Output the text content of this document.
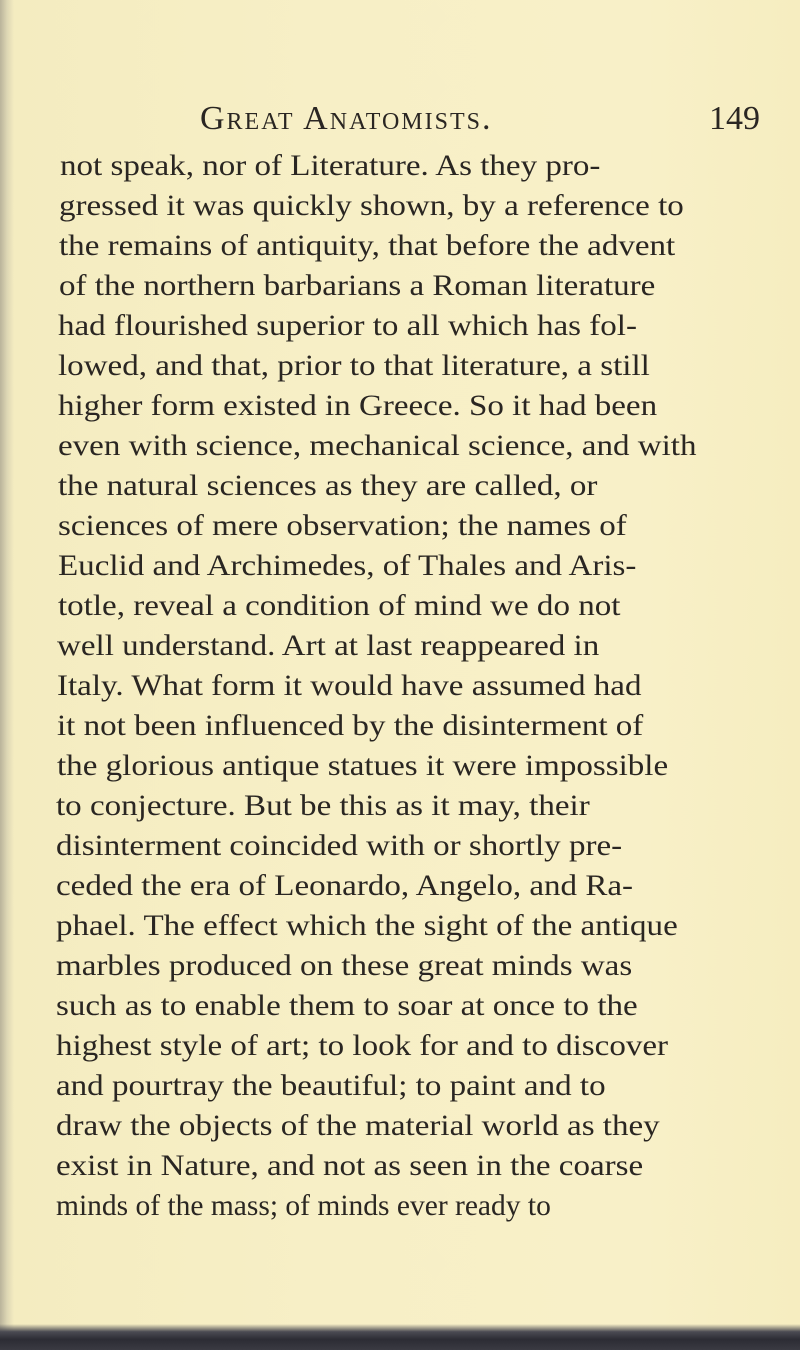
Great Anatomists.	149
not speak, nor of Literature. As they pro-
gressed it was quickly shown, by a reference to
the remains of antiquity, that before the advent
of the northern barbarians a Roman literature
had flourished superior to all which has fol-
lowed, and that, prior to that literature, a still
higher form existed in Greece. So it had been
even with science, mechanical science, and with
the natural sciences as they are called, or
sciences of mere observation; the names of
Euclid and Archimedes, of Thales and Aris-
totle, reveal a condition of mind we do not
well understand. Art at last reappeared in
Italy. What form it would have assumed had
it not been influenced by the disinterment of
the glorious antique statues it were impossible
to conjecture. But be this as it may, their
disinterment coincided with or shortly pre-
ceded the era of Leonardo, Angelo, and Ra-
phael. The effect which the sight of the antique
marbles produced on these great minds was
such as to enable them to soar at once to the
highest style of art; to look for and to discover
and pourtray the beautiful; to paint and to
draw the objects of the material world as they
exist in Nature, and not as seen in the coarse
minds of the mass; of minds ever ready to
